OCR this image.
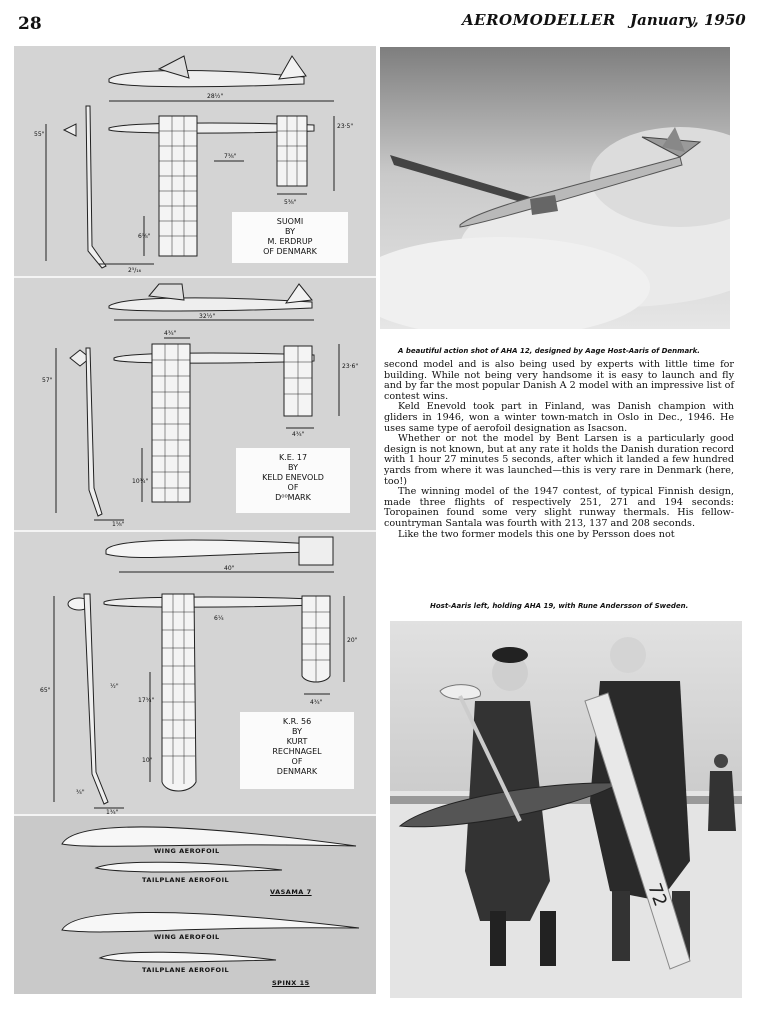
28	AEROMODELLER January, 1950
28½"
55"
23·5"
7⅜"
5⅜"
6⅝"
2⁵/₁₆
SUOMI
BY
M. ERDRUP
OF DENMARK
32½"
57"
4¾"
23·6"
10¾"
1⅝"
4¾"
K.E. 17
BY
KELD ENEVOLD
OF
D⁰⁰MARK
40"
65"
6¼
20"
4¾"
½"
17¾"
10"
¾"
1¾"
K.R. 56
BY
KURT
RECHNAGEL
OF
DENMARK
WING AEROFOIL
TAILPLANE AEROFOIL
VASAMA 7
WING AEROFOIL
TAILPLANE AEROFOIL
SPINX 15
A beautiful action shot of AHA 12, designed by Aage Host-Aaris of Denmark.

second model and is also being used by experts with little time for building. While not being very handsome it is easy to launch and fly and by far the most popular Danish A 2 model with an impressive list of contest wins.

Keld Enevold took part in Finland, was Danish champion with gliders in 1946, won a winter town-match in Oslo in Dec., 1946. He uses same type of aerofoil designation as Isacson.

Whether or not the model by Bent Larsen is a particularly good design is not known, but at any rate it holds the Danish duration record with 1 hour 27 minutes 5 seconds, after which it landed a few hundred yards from where it was launched—this is very rare in Denmark (here, too!)

The winning model of the 1947 contest, of typical Finnish design, made three flights of respectively 251, 271 and 194 seconds: Toropainen found some very slight runway thermals. His fellow-countryman Santala was fourth with 213, 137 and 208 seconds.

Like the two former models this one by Persson does not

Host-Aaris left, holding AHA 19, with Rune Andersson of Sweden.
72
